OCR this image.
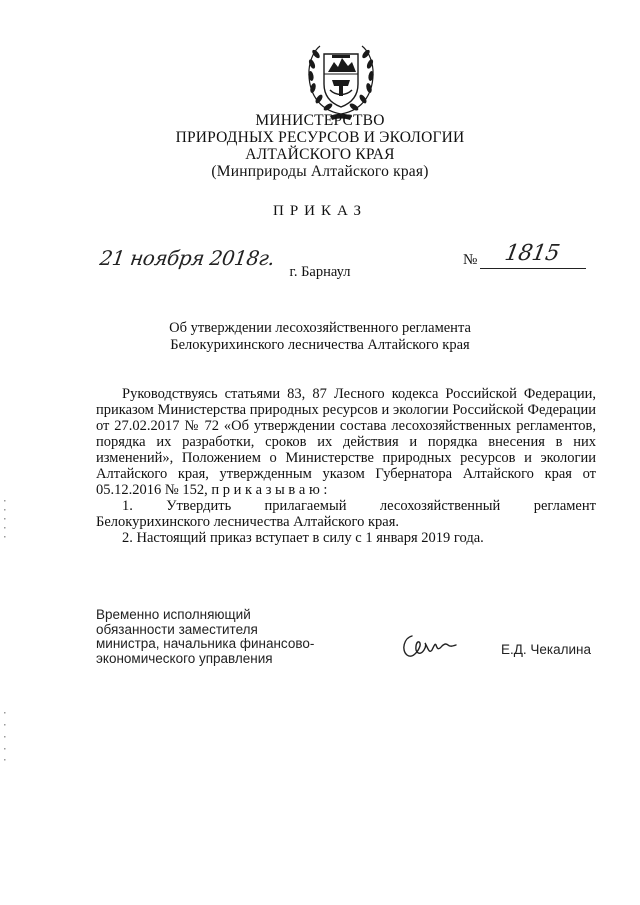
МИНИСТЕРСТВО
ПРИРОДНЫХ РЕСУРСОВ И ЭКОЛОГИИ
АЛТАЙСКОГО КРАЯ
(Минприроды Алтайского края)
ПРИКАЗ
21 ноября 2018г.	№ 1815
г. Барнаул
Об утверждении лесохозяйственного регламента
Белокурихинского лесничества Алтайского края

Руководствуясь статьями 83, 87 Лесного кодекса Российской Федерации, приказом Министерства природных ресурсов и экологии Российской Федерации от 27.02.2017 № 72 «Об утверждении состава лесохозяйственных регламентов, порядка их разработки, сроков их действия и порядка внесения в них изменений», Положением о Министерстве природных ресурсов и экологии Алтайского края, утвержденным указом Губернатора Алтайского края от 05.12.2016 № 152, п р и к а з ы в а ю :

1. Утвердить прилагаемый лесохозяйственный регламент

Белокурихинского лесничества Алтайского края.

2. Настоящий приказ вступает в силу с 1 января 2019 года.

Временно исполняющий
обязанности заместителя
министра, начальника финансово-
экономического управления
Е.Д. Чекалина
